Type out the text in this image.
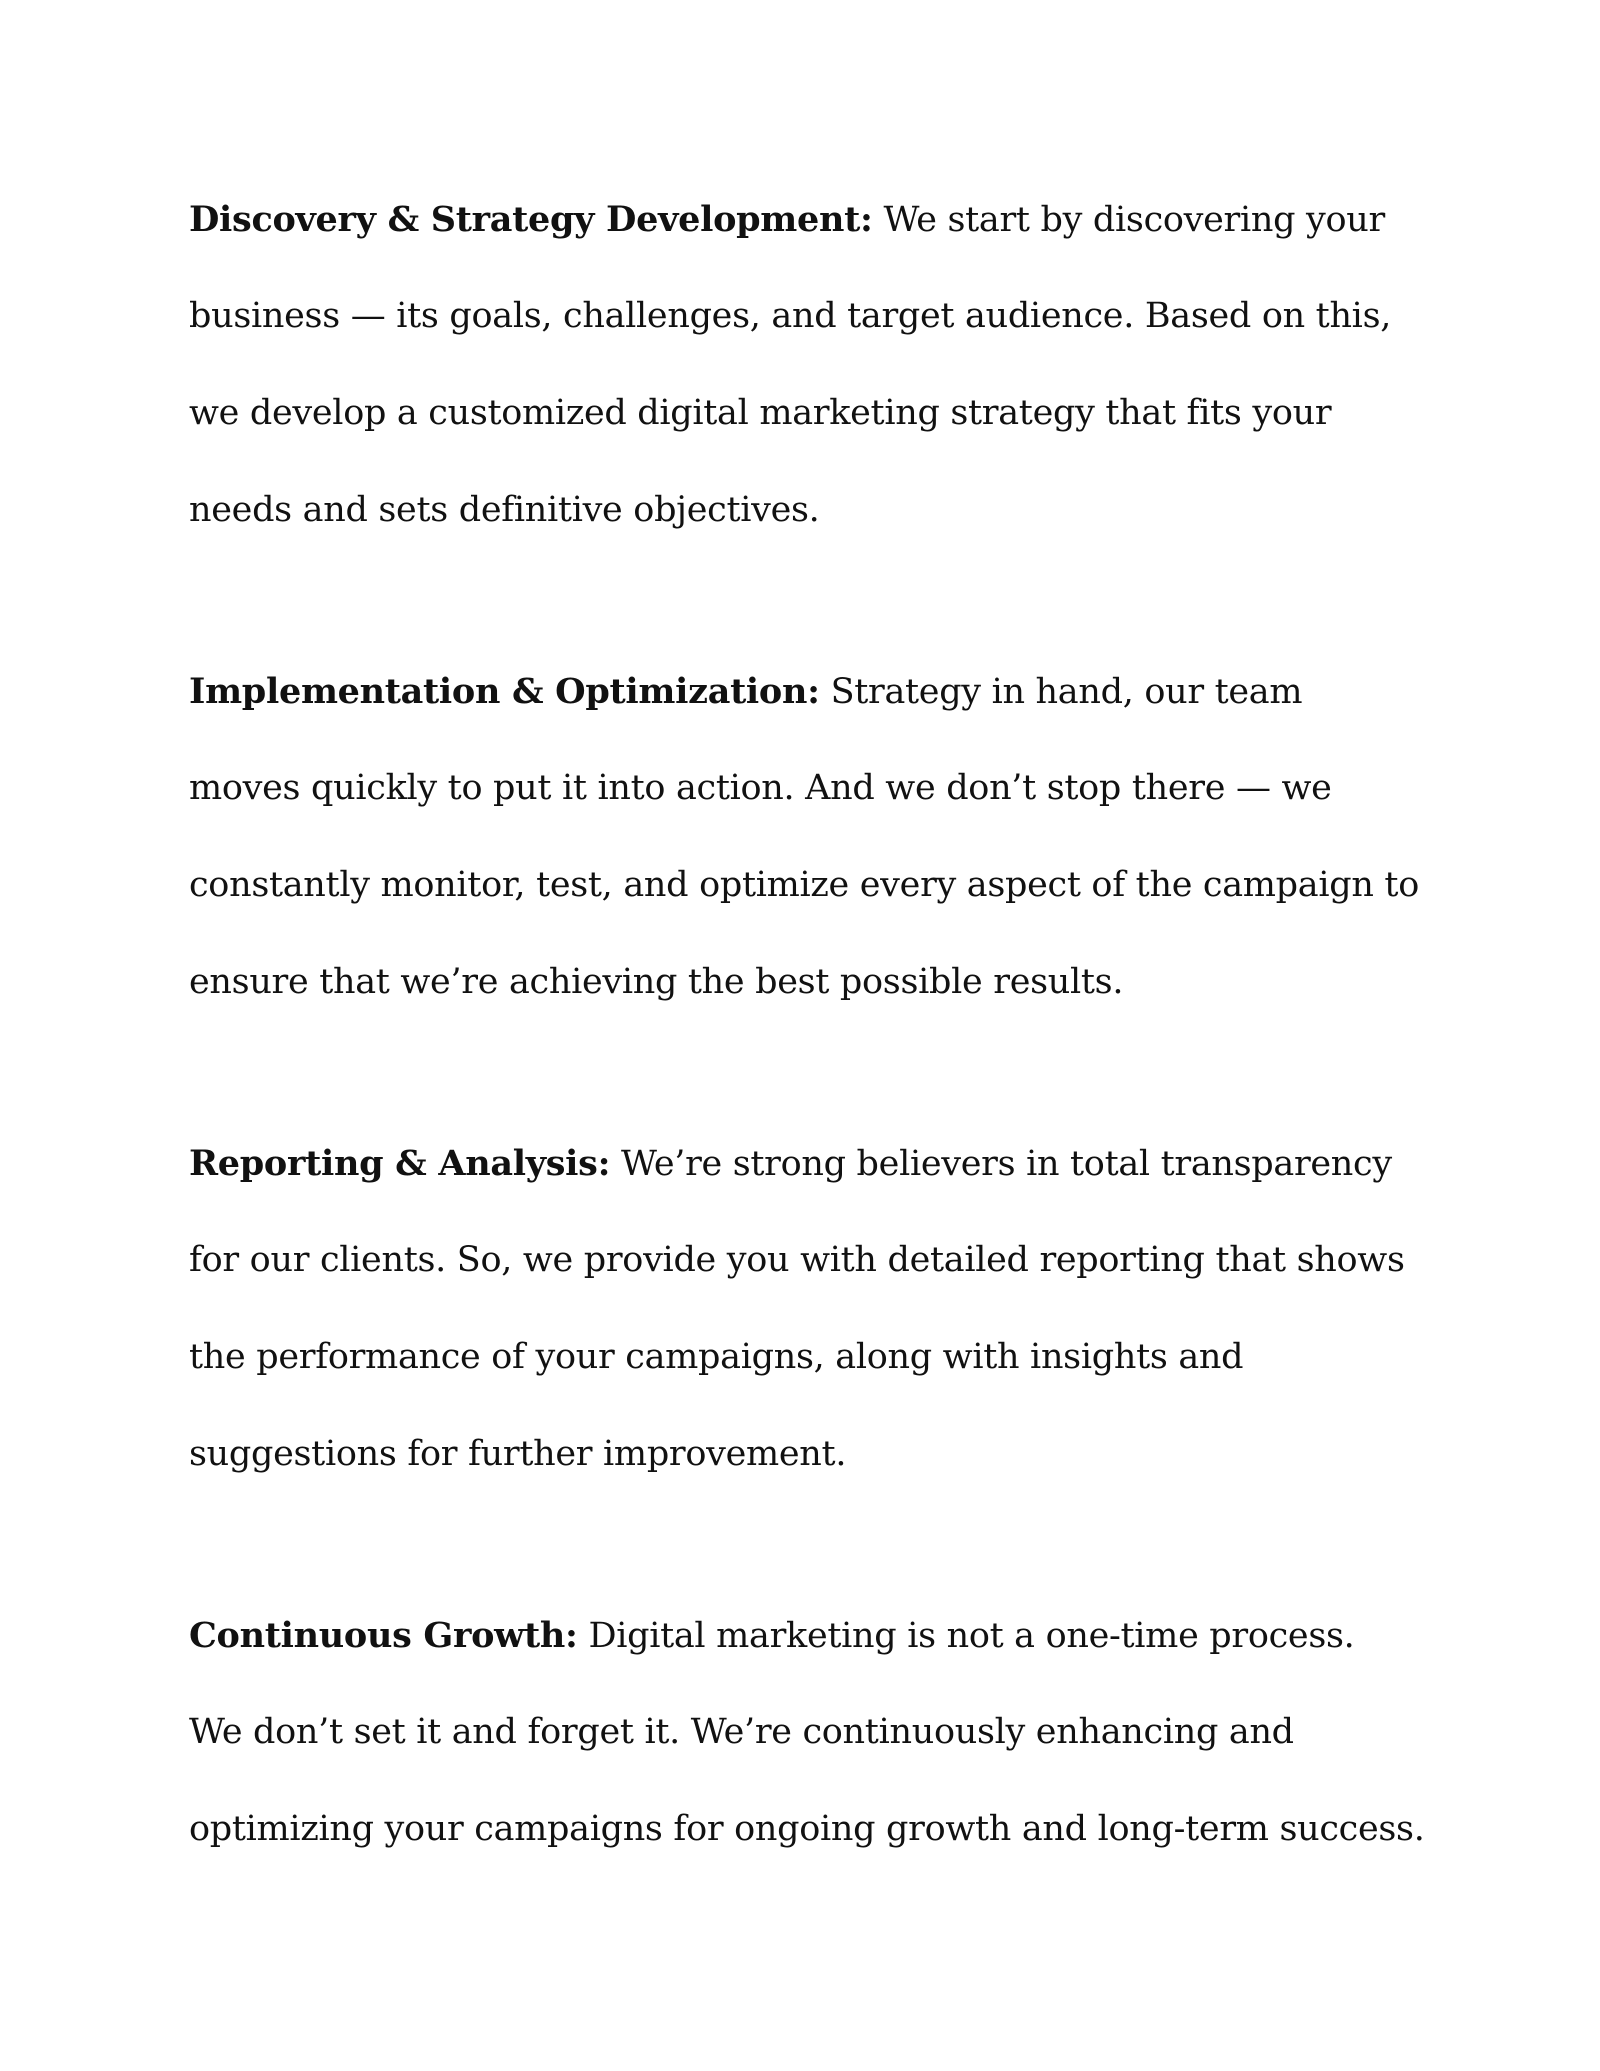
Discovery & Strategy Development: We start by discovering your
business — its goals, challenges, and target audience. Based on this,
we develop a customized digital marketing strategy that fits your
needs and sets definitive objectives.
Implementation & Optimization: Strategy in hand, our team
moves quickly to put it into action. And we don’t stop there — we
constantly monitor, test, and optimize every aspect of the campaign to
ensure that we’re achieving the best possible results.
Reporting & Analysis: We’re strong believers in total transparency
for our clients. So, we provide you with detailed reporting that shows
the performance of your campaigns, along with insights and
suggestions for further improvement.
Continuous Growth: Digital marketing is not a one-time process.
We don’t set it and forget it. We’re continuously enhancing and
optimizing your campaigns for ongoing growth and long-term success.
